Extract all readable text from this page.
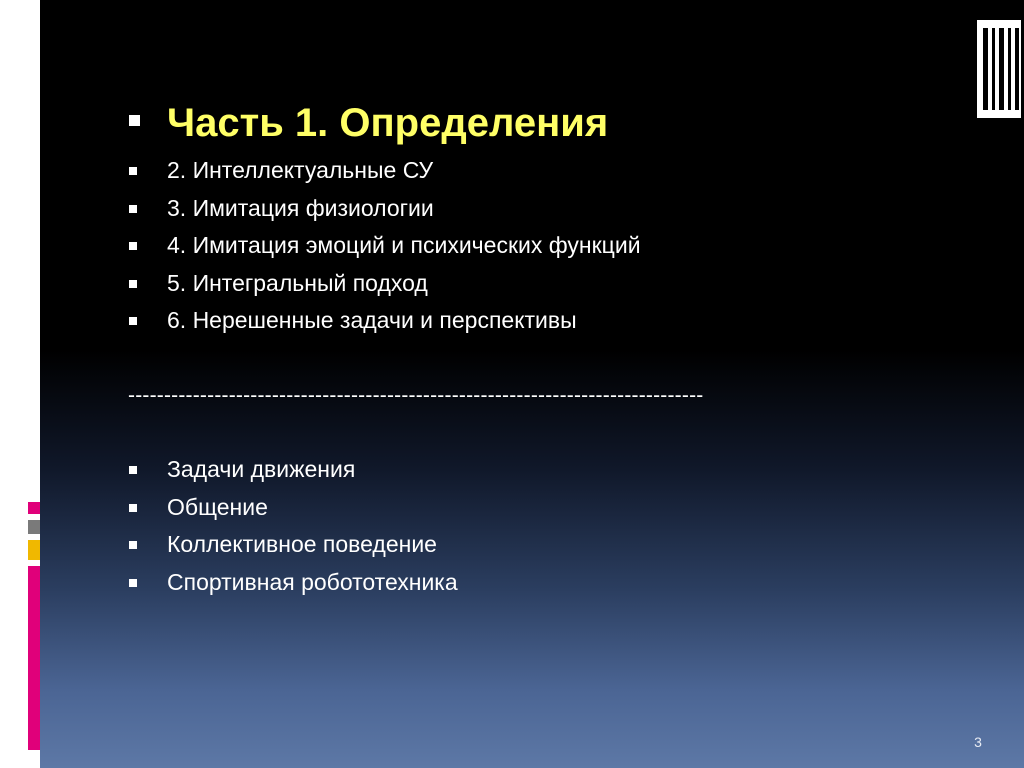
Часть 1. Определения
2. Интеллектуальные СУ
3. Имитация физиологии
4. Имитация эмоций и психических функций
5. Интегральный подход
6. Нерешенные задачи и перспективы
--------------------------------------------------------------------------------
Задачи движения
Общение
Коллективное поведение
Спортивная робототехника
3
